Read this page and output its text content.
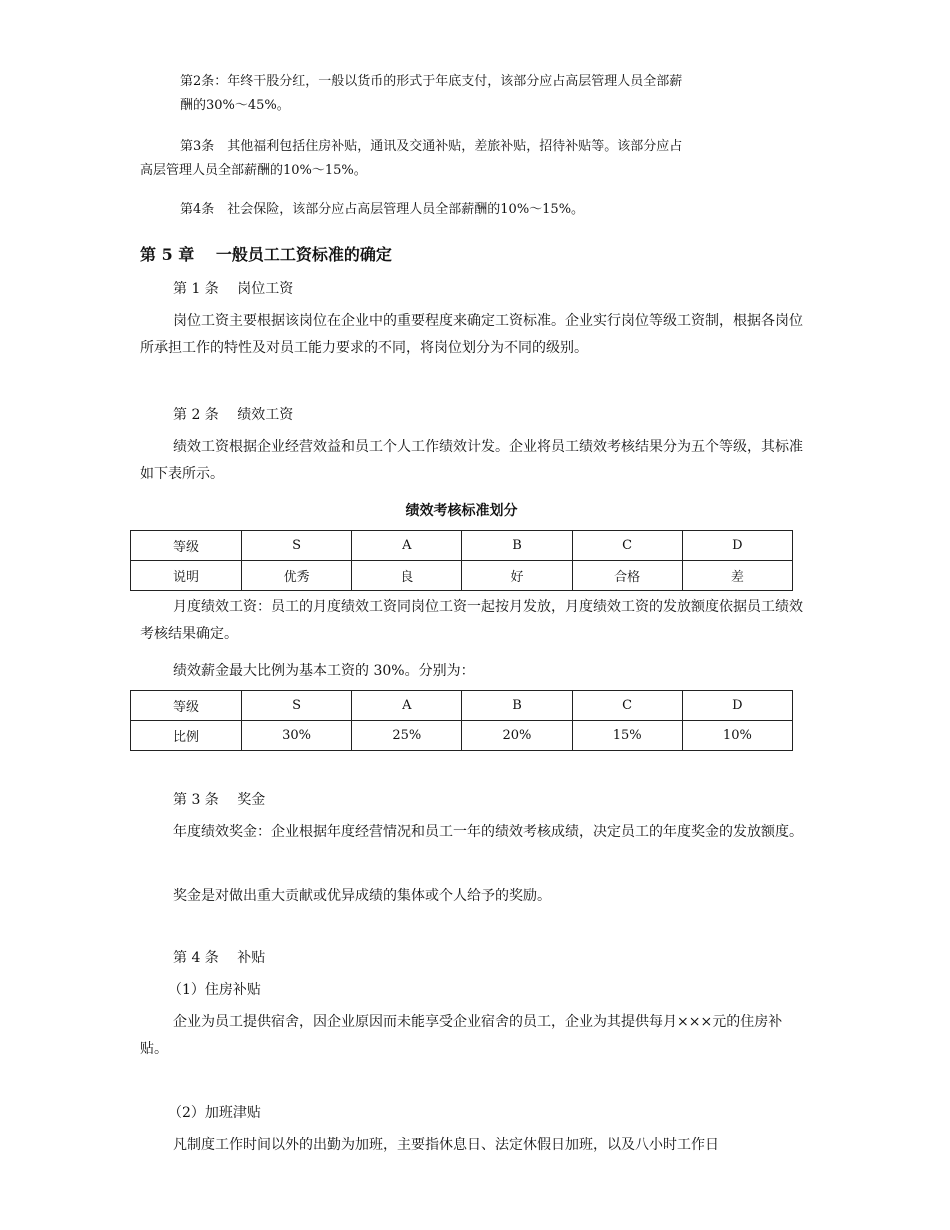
第2条：年终干股分红，一般以货币的形式于年底支付，该部分应占高层管理人员全部薪
酬的30%～45%。

第3条　其他福利包括住房补贴，通讯及交通补贴，差旅补贴，招待补贴等。该部分应占
高层管理人员全部薪酬的10%～15%。

第4条　社会保险，该部分应占高层管理人员全部薪酬的10%～15%。

第 5 章　 一般员工工资标准的确定

第 1 条　 岗位工资

岗位工资主要根据该岗位在企业中的重要程度来确定工资标准。企业实行岗位等级工资制，根据各岗位所承担工作的特性及对员工能力要求的不同，将岗位划分为不同的级别。

第 2 条　 绩效工资

绩效工资根据企业经营效益和员工个人工作绩效计发。企业将员工绩效考核结果分为五个等级，其标准如下表所示。

绩效考核标准划分
等级	S	A	B	C	D
说明	优秀	良	好	合格	差

月度绩效工资：员工的月度绩效工资同岗位工资一起按月发放，月度绩效工资的发放额度依据员工绩效考核结果确定。

绩效薪金最大比例为基本工资的 30%。分别为：

等级	S	A	B	C	D
比例	30%	25%	20%	15%	10%

第 3 条　 奖金

年度绩效奖金：企业根据年度经营情况和员工一年的绩效考核成绩，决定员工的年度奖金的发放额度。

奖金是对做出重大贡献或优异成绩的集体或个人给予的奖励。

第 4 条　 补贴

（1）住房补贴

企业为员工提供宿舍，因企业原因而未能享受企业宿舍的员工，企业为其提供每月×××元的住房补贴。

（2）加班津贴

凡制度工作时间以外的出勤为加班，主要指休息日、法定休假日加班，以及八小时工作日
